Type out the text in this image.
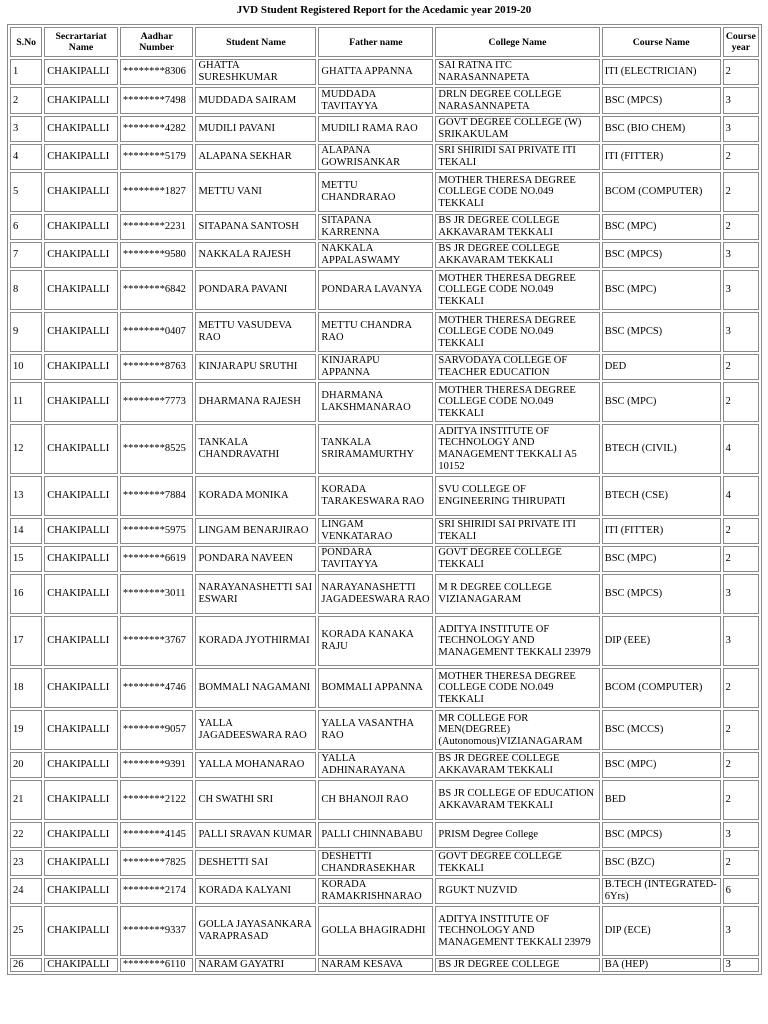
JVD Student Registered Report for the Acedamic year 2019-20
S.No	Secrartariat Name	Aadhar Number	Student Name	Father name	College Name	Course Name	Course year
1	CHAKIPALLI	********8306	GHATTA SURESHKUMAR	GHATTA APPANNA	SAI RATNA ITC NARASANNAPETA	ITI (ELECTRICIAN)	2
2	CHAKIPALLI	********7498	MUDDADA SAIRAM	MUDDADA TAVITAYYA	DRLN DEGREE COLLEGE NARASANNAPETA	BSC (MPCS)	3
3	CHAKIPALLI	********4282	MUDILI PAVANI	MUDILI RAMA RAO	GOVT DEGREE COLLEGE (W) SRIKAKULAM	BSC (BIO CHEM)	3
4	CHAKIPALLI	********5179	ALAPANA SEKHAR	ALAPANA GOWRISANKAR	SRI SHIRIDI SAI PRIVATE ITI TEKALI	ITI (FITTER)	2
5	CHAKIPALLI	********1827	METTU VANI	METTU CHANDRARAO	MOTHER THERESA DEGREE COLLEGE CODE NO.049 TEKKALI	BCOM (COMPUTER)	2
6	CHAKIPALLI	********2231	SITAPANA SANTOSH	SITAPANA KARRENNA	BS JR DEGREE COLLEGE AKKAVARAM TEKKALI	BSC (MPC)	2
7	CHAKIPALLI	********9580	NAKKALA RAJESH	NAKKALA APPALASWAMY	BS JR DEGREE COLLEGE AKKAVARAM TEKKALI	BSC (MPCS)	3
8	CHAKIPALLI	********6842	PONDARA PAVANI	PONDARA LAVANYA	MOTHER THERESA DEGREE COLLEGE CODE NO.049 TEKKALI	BSC (MPC)	3
9	CHAKIPALLI	********0407	METTU VASUDEVA RAO	METTU CHANDRA RAO	MOTHER THERESA DEGREE COLLEGE CODE NO.049 TEKKALI	BSC (MPCS)	3
10	CHAKIPALLI	********8763	KINJARAPU SRUTHI	KINJARAPU APPANNA	SARVODAYA COLLEGE OF TEACHER EDUCATION	DED	2
11	CHAKIPALLI	********7773	DHARMANA RAJESH	DHARMANA LAKSHMANARAO	MOTHER THERESA DEGREE COLLEGE CODE NO.049 TEKKALI	BSC (MPC)	2
12	CHAKIPALLI	********8525	TANKALA CHANDRAVATHI	TANKALA SRIRAMAMURTHY	ADITYA INSTITUTE OF TECHNOLOGY AND MANAGEMENT TEKKALI A5 10152	BTECH (CIVIL)	4
13	CHAKIPALLI	********7884	KORADA MONIKA	KORADA TARAKESWARA RAO	SVU COLLEGE OF ENGINEERING THIRUPATI	BTECH (CSE)	4
14	CHAKIPALLI	********5975	LINGAM BENARJIRAO	LINGAM VENKATARAO	SRI SHIRIDI SAI PRIVATE ITI TEKALI	ITI (FITTER)	2
15	CHAKIPALLI	********6619	PONDARA NAVEEN	PONDARA TAVITAYYA	GOVT DEGREE COLLEGE TEKKALI	BSC (MPC)	2
16	CHAKIPALLI	********3011	NARAYANASHETTI SAI ESWARI	NARAYANASHETTI JAGADEESWARA RAO	M R DEGREE COLLEGE VIZIANAGARAM	BSC (MPCS)	3
17	CHAKIPALLI	********3767	KORADA JYOTHIRMAI	KORADA KANAKA RAJU	ADITYA INSTITUTE OF TECHNOLOGY AND MANAGEMENT TEKKALI 23979	DIP (EEE)	3
18	CHAKIPALLI	********4746	BOMMALI NAGAMANI	BOMMALI APPANNA	MOTHER THERESA DEGREE COLLEGE CODE NO.049 TEKKALI	BCOM (COMPUTER)	2
19	CHAKIPALLI	********9057	YALLA JAGADEESWARA RAO	YALLA VASANTHA RAO	MR COLLEGE FOR MEN(DEGREE) (Autonomous)VIZIANAGARAM	BSC (MCCS)	2
20	CHAKIPALLI	********9391	YALLA MOHANARAO	YALLA ADHINARAYANA	BS JR DEGREE COLLEGE AKKAVARAM TEKKALI	BSC (MPC)	2
21	CHAKIPALLI	********2122	CH SWATHI SRI	CH BHANOJI RAO	BS JR COLLEGE OF EDUCATION AKKAVARAM TEKKALI	BED	2
22	CHAKIPALLI	********4145	PALLI SRAVAN KUMAR	PALLI CHINNABABU	PRISM Degree College	BSC (MPCS)	3
23	CHAKIPALLI	********7825	DESHETTI SAI	DESHETTI CHANDRASEKHAR	GOVT DEGREE COLLEGE TEKKALI	BSC (BZC)	2
24	CHAKIPALLI	********2174	KORADA KALYANI	KORADA RAMAKRISHNARAO	RGUKT NUZVID	B.TECH (INTEGRATED-6Yrs)	6
25	CHAKIPALLI	********9337	GOLLA JAYASANKARA VARAPRASAD	GOLLA BHAGIRADHI	ADITYA INSTITUTE OF TECHNOLOGY AND MANAGEMENT TEKKALI 23979	DIP (ECE)	3
26	CHAKIPALLI	********6110	NARAM GAYATRI	NARAM KESAVA	BS JR DEGREE COLLEGE	BA (HEP)	3
